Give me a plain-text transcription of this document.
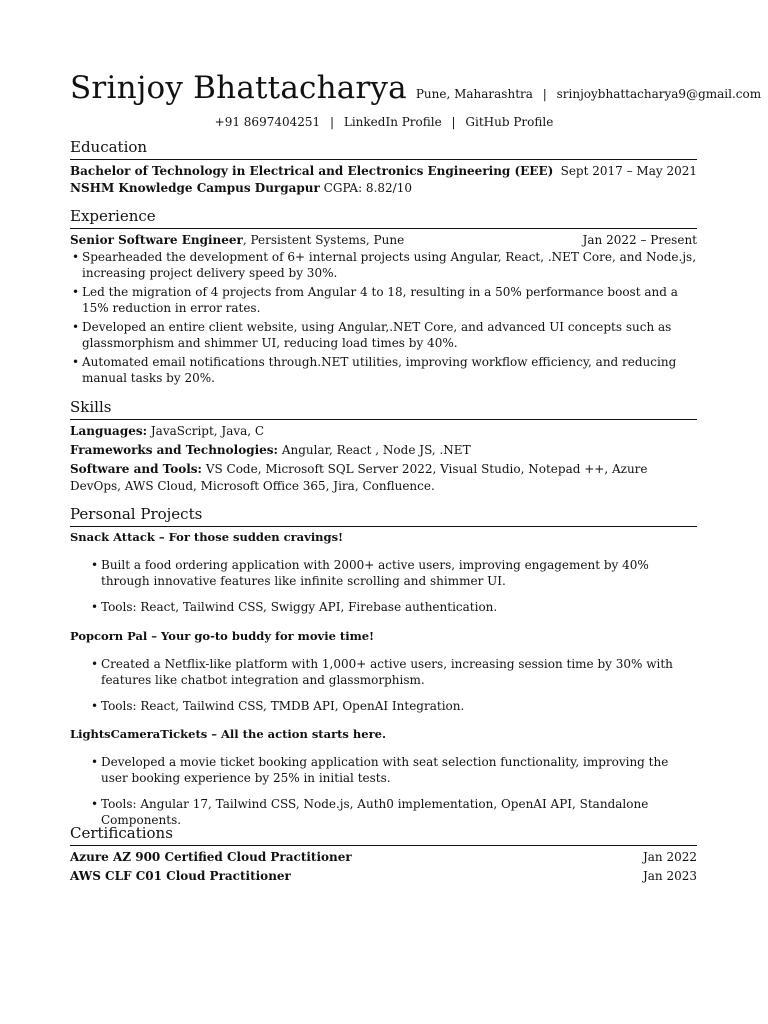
Srinjoy Bhattacharya Pune, Maharashtra | srinjoybhattacharya9@gmail.com
+91 8697404251 | LinkedIn Profile | GitHub Profile
Education
Bachelor of Technology in Electrical and Electronics Engineering (EEE) Sept 2017 – May 2021
NSHM Knowledge Campus Durgapur CGPA: 8.82/10
Experience
Senior Software Engineer, Persistent Systems, Pune	Jan 2022 – Present
• Spearheaded the development of 6+ internal projects using Angular, React, .NET Core, and Node.js, increasing project delivery speed by 30%.
• Led the migration of 4 projects from Angular 4 to 18, resulting in a 50% performance boost and a 15% reduction in error rates.
• Developed an entire client website, using Angular,.NET Core, and advanced UI concepts such as glassmorphism and shimmer UI, reducing load times by 40%.
• Automated email notifications through.NET utilities, improving workflow efficiency, and reducing manual tasks by 20%.
Skills
Languages: JavaScript, Java, C
Frameworks and Technologies: Angular, React , Node JS, .NET
Software and Tools: VS Code, Microsoft SQL Server 2022, Visual Studio, Notepad ++, Azure DevOps, AWS Cloud, Microsoft Office 365, Jira, Confluence.
Personal Projects
Snack Attack – For those sudden cravings!
• Built a food ordering application with 2000+ active users, improving engagement by 40% through innovative features like infinite scrolling and shimmer UI.
• Tools: React, Tailwind CSS, Swiggy API, Firebase authentication.
Popcorn Pal – Your go-to buddy for movie time!
• Created a Netflix-like platform with 1,000+ active users, increasing session time by 30% with features like chatbot integration and glassmorphism.
• Tools: React, Tailwind CSS, TMDB API, OpenAI Integration.
LightsCameraTickets – All the action starts here.
• Developed a movie ticket booking application with seat selection functionality, improving the user booking experience by 25% in initial tests.
• Tools: Angular 17, Tailwind CSS, Node.js, Auth0 implementation, OpenAI API, Standalone Components.
Certifications
Azure AZ 900 Certified Cloud Practitioner	Jan 2022
AWS CLF C01 Cloud Practitioner	Jan 2023
